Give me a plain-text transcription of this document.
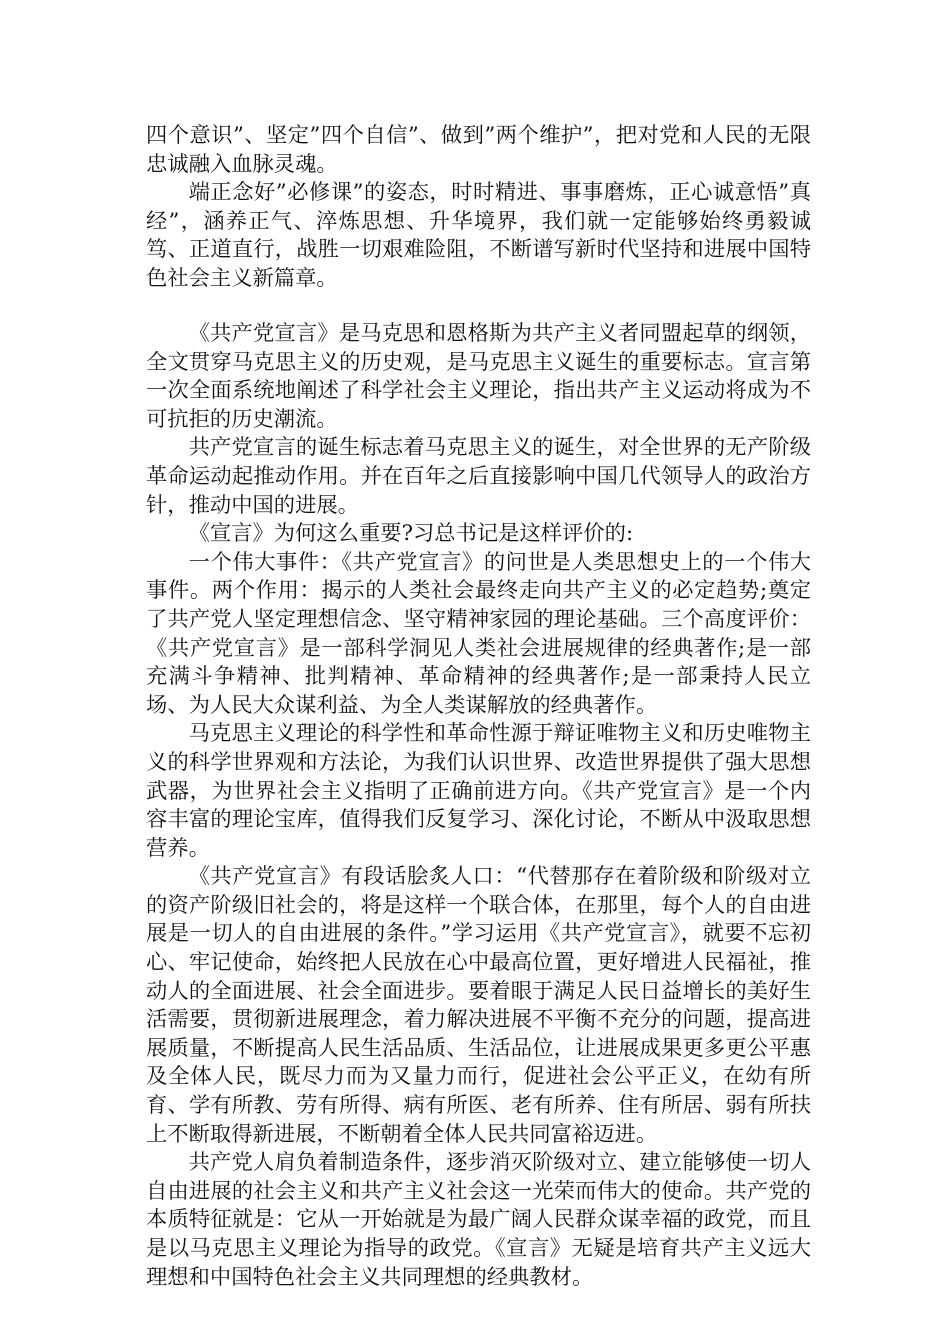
四个意识”、坚定”四个自信”、做到”两个维护”，把对党和人民的无限忠诚融入血脉灵魂。

端正念好”必修课”的姿态，时时精进、事事磨炼，正心诚意悟”真经”，涵养正气、淬炼思想、升华境界，我们就一定能够始终勇毅诚笃、正道直行，战胜一切艰难险阻，不断谱写新时代坚持和进展中国特色社会主义新篇章。

《共产党宣言》是马克思和恩格斯为共产主义者同盟起草的纲领，全文贯穿马克思主义的历史观，是马克思主义诞生的重要标志。宣言第一次全面系统地阐述了科学社会主义理论，指出共产主义运动将成为不可抗拒的历史潮流。

共产党宣言的诞生标志着马克思主义的诞生，对全世界的无产阶级革命运动起推动作用。并在百年之后直接影响中国几代领导人的政治方针，推动中国的进展。

《宣言》为何这么重要?习总书记是这样评价的:

一个伟大事件：《共产党宣言》的问世是人类思想史上的一个伟大事件。两个作用：揭示的人类社会最终走向共产主义的必定趋势;奠定了共产党人坚定理想信念、坚守精神家园的理论基础。三个高度评价：《共产党宣言》是一部科学洞见人类社会进展规律的经典著作;是一部充满斗争精神、批判精神、革命精神的经典著作;是一部秉持人民立场、为人民大众谋利益、为全人类谋解放的经典著作。

马克思主义理论的科学性和革命性源于辩证唯物主义和历史唯物主义的科学世界观和方法论，为我们认识世界、改造世界提供了强大思想武器，为世界社会主义指明了正确前进方向。《共产党宣言》是一个内容丰富的理论宝库，值得我们反复学习、深化讨论，不断从中汲取思想营养。

《共产党宣言》有段话脍炙人口：“代替那存在着阶级和阶级对立的资产阶级旧社会的，将是这样一个联合体，在那里，每个人的自由进展是一切人的自由进展的条件。”学习运用《共产党宣言》，就要不忘初心、牢记使命，始终把人民放在心中最高位置，更好增进人民福祉，推动人的全面进展、社会全面进步。要着眼于满足人民日益增长的美好生活需要，贯彻新进展理念，着力解决进展不平衡不充分的问题，提高进展质量，不断提高人民生活品质、生活品位，让进展成果更多更公平惠及全体人民，既尽力而为又量力而行，促进社会公平正义，在幼有所育、学有所教、劳有所得、病有所医、老有所养、住有所居、弱有所扶上不断取得新进展，不断朝着全体人民共同富裕迈进。

共产党人肩负着制造条件，逐步消灭阶级对立、建立能够使一切人自由进展的社会主义和共产主义社会这一光荣而伟大的使命。共产党的本质特征就是：它从一开始就是为最广阔人民群众谋幸福的政党，而且是以马克思主义理论为指导的政党。《宣言》无疑是培育共产主义远大理想和中国特色社会主义共同理想的经典教材。
